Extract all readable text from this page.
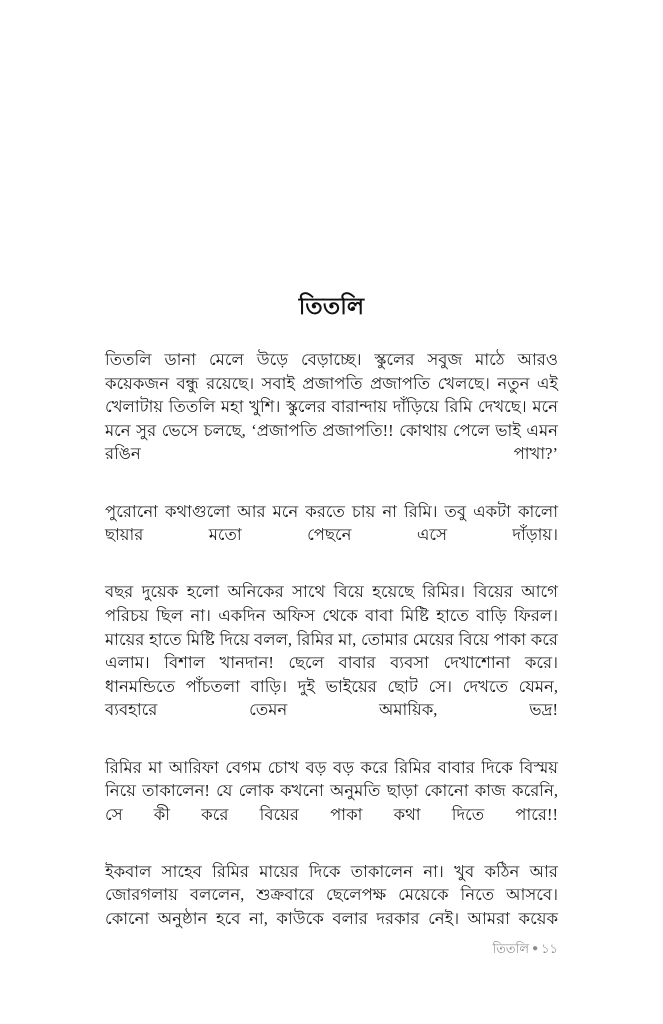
তিতলি

তিতলি ডানা মেলে উড়ে বেড়াচ্ছে। স্কুলের সবুজ মাঠে আরও কয়েকজন বন্ধু রয়েছে। সবাই প্রজাপতি প্রজাপতি খেলছে। নতুন এই খেলাটায় তিতলি মহা খুশি। স্কুলের বারান্দায় দাঁড়িয়ে রিমি দেখছে। মনে মনে সুর ভেসে চলছে, ‘প্রজাপতি প্রজাপতি!! কোথায় পেলে ভাই এমন রঙিন পাখা?’

পুরোনো কথাগুলো আর মনে করতে চায় না রিমি। তবু একটা কালো ছায়ার মতো পেছনে এসে দাঁড়ায়।

বছর দুয়েক হলো অনিকের সাথে বিয়ে হয়েছে রিমির। বিয়ের আগে পরিচয় ছিল না। একদিন অফিস থেকে বাবা মিষ্টি হাতে বাড়ি ফিরল। মায়ের হাতে মিষ্টি দিয়ে বলল, রিমির মা, তোমার মেয়ের বিয়ে পাকা করে এলাম। বিশাল খানদান! ছেলে বাবার ব্যবসা দেখাশোনা করে। ধানমন্ডিতে পাঁচতলা বাড়ি। দুই ভাইয়ের ছোট সে। দেখতে যেমন, ব্যবহারে তেমন অমায়িক, ভদ্র!

রিমির মা আরিফা বেগম চোখ বড় বড় করে রিমির বাবার দিকে বিস্ময় নিয়ে তাকালেন! যে লোক কখনো অনুমতি ছাড়া কোনো কাজ করেনি, সে কী করে বিয়ের পাকা কথা দিতে পারে!!

ইকবাল সাহেব রিমির মায়ের দিকে তাকালেন না। খুব কঠিন আর জোরগলায় বললেন, শুক্রবারে ছেলেপক্ষ মেয়েকে নিতে আসবে। কোনো অনুষ্ঠান হবে না, কাউকে বলার দরকার নেই। আমরা কয়েক

তিতলি ● ১১
